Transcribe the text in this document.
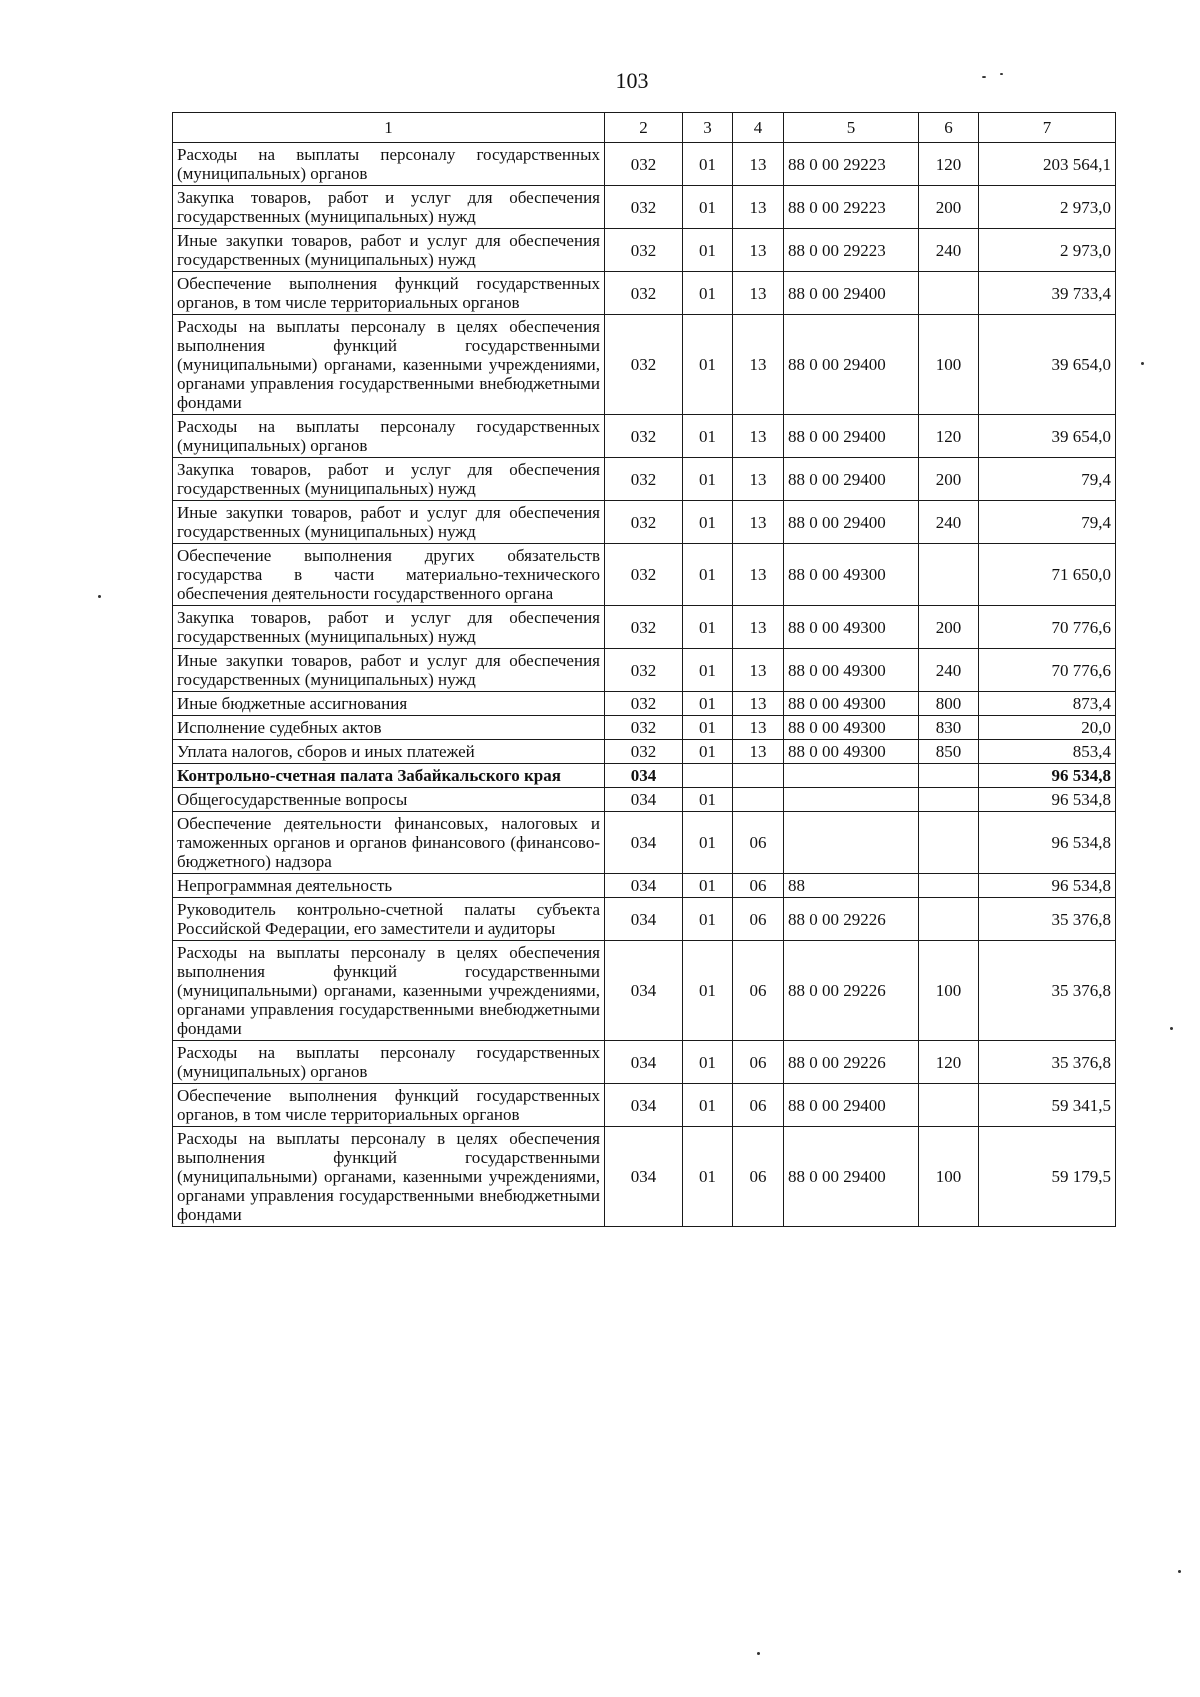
103
1	2	3	4	5	6	7
Расходы на выплаты персоналу государственных (муниципальных) органов	032	01	13	88 0 00 29223	120	203 564,1
Закупка товаров, работ и услуг для обеспечения государственных (муниципальных) нужд	032	01	13	88 0 00 29223	200	2 973,0
Иные закупки товаров, работ и услуг для обеспечения государственных (муниципальных) нужд	032	01	13	88 0 00 29223	240	2 973,0
Обеспечение выполнения функций государственных органов, в том числе территориальных органов	032	01	13	88 0 00 29400		39 733,4
Расходы на выплаты персоналу в целях обеспечения выполнения функций государственными (муниципальными) органами, казенными учреждениями, органами управления государственными внебюджетными фондами	032	01	13	88 0 00 29400	100	39 654,0
Расходы на выплаты персоналу государственных (муниципальных) органов	032	01	13	88 0 00 29400	120	39 654,0
Закупка товаров, работ и услуг для обеспечения государственных (муниципальных) нужд	032	01	13	88 0 00 29400	200	79,4
Иные закупки товаров, работ и услуг для обеспечения государственных (муниципальных) нужд	032	01	13	88 0 00 29400	240	79,4
Обеспечение выполнения других обязательств государства в части материально-технического обеспечения деятельности государственного органа	032	01	13	88 0 00 49300		71 650,0
Закупка товаров, работ и услуг для обеспечения государственных (муниципальных) нужд	032	01	13	88 0 00 49300	200	70 776,6
Иные закупки товаров, работ и услуг для обеспечения государственных (муниципальных) нужд	032	01	13	88 0 00 49300	240	70 776,6
Иные бюджетные ассигнования	032	01	13	88 0 00 49300	800	873,4
Исполнение судебных актов	032	01	13	88 0 00 49300	830	20,0
Уплата налогов, сборов и иных платежей	032	01	13	88 0 00 49300	850	853,4
Контрольно-счетная палата Забайкальского края	034					96 534,8
Общегосударственные вопросы	034	01				96 534,8
Обеспечение деятельности финансовых, налоговых и таможенных органов и органов финансового (финансово-бюджетного) надзора	034	01	06			96 534,8
Непрограммная деятельность	034	01	06	88		96 534,8
Руководитель контрольно-счетной палаты субъекта Российской Федерации, его заместители и аудиторы	034	01	06	88 0 00 29226		35 376,8
Расходы на выплаты персоналу в целях обеспечения выполнения функций государственными (муниципальными) органами, казенными учреждениями, органами управления государственными внебюджетными фондами	034	01	06	88 0 00 29226	100	35 376,8
Расходы на выплаты персоналу государственных (муниципальных) органов	034	01	06	88 0 00 29226	120	35 376,8
Обеспечение выполнения функций государственных органов, в том числе территориальных органов	034	01	06	88 0 00 29400		59 341,5
Расходы на выплаты персоналу в целях обеспечения выполнения функций государственными (муниципальными) органами, казенными учреждениями, органами управления государственными внебюджетными фондами	034	01	06	88 0 00 29400	100	59 179,5
